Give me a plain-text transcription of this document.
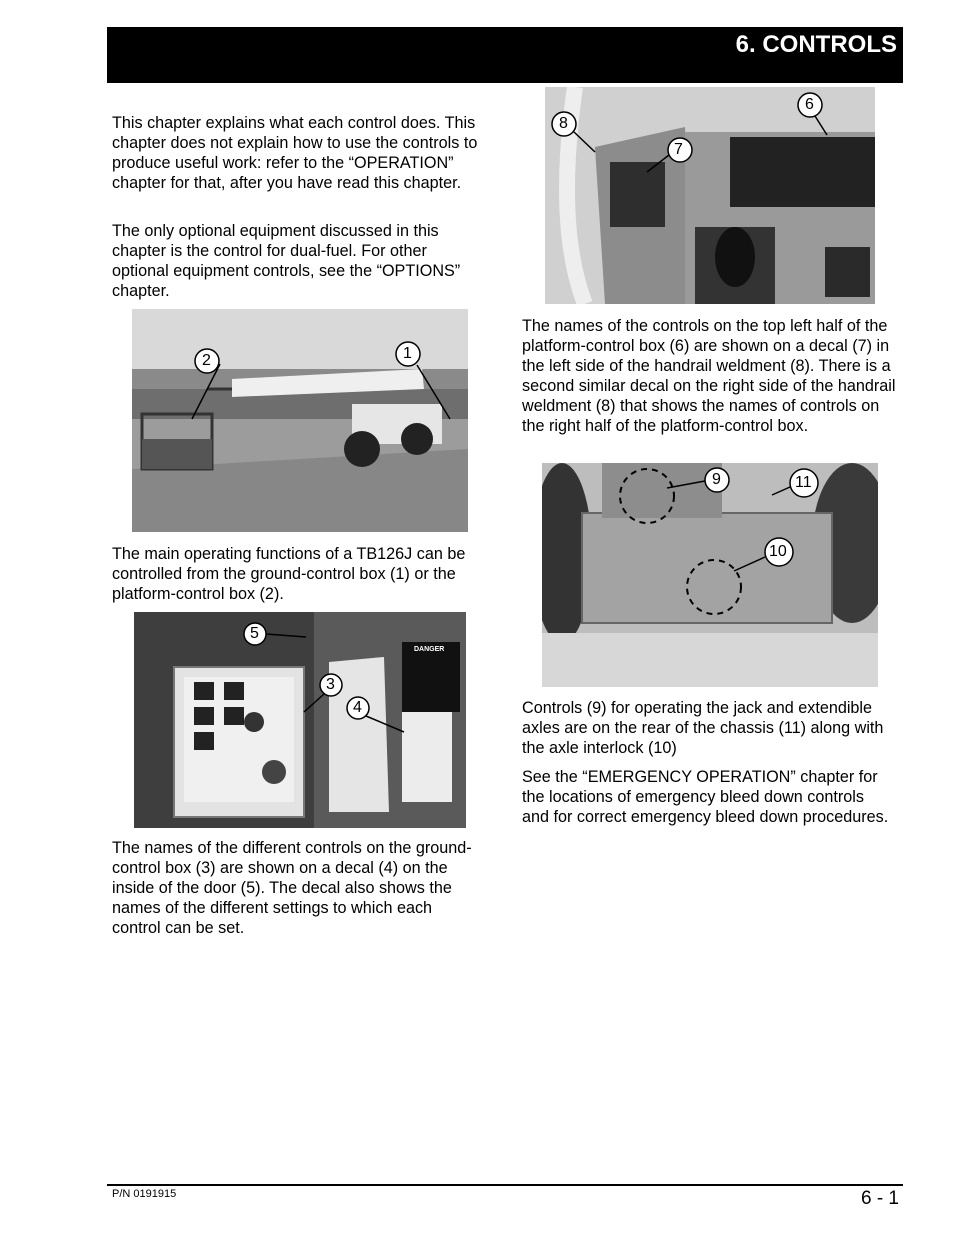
6. CONTROLS

This chapter explains what each control does. This chapter does not explain how to use the controls to produce useful work: refer to the “OPERATION” chapter for that, after you have read this chapter.

The only optional equipment discussed in this chapter is the control for dual-fuel. For other optional equipment controls, see the “OPTIONS” chapter.

2	1

The main operating functions of a TB126J can be controlled from the ground-control box (1) or the platform-control box (2).

5
3
4
DANGER

The names of the different controls on the ground-control box (3) are shown on a decal (4) on the inside of the door (5). The decal also shows the names of the different settings to which each control can be set.

6
7
8

The names of the controls on the top left half of the platform-control box (6) are shown on a decal (7) in the left side of the handrail weldment (8). There is a second similar decal on the right side of the handrail weldment (8) that shows the names of controls on the right half of the platform-control box.

9
10
11

Controls (9) for operating the jack and extendible axles are on the rear of the chassis (11) along with the axle interlock (10)

See the “EMERGENCY OPERATION” chapter for the locations of emergency bleed down controls and for correct emergency bleed down procedures.

P/N 0191915	6 - 1
